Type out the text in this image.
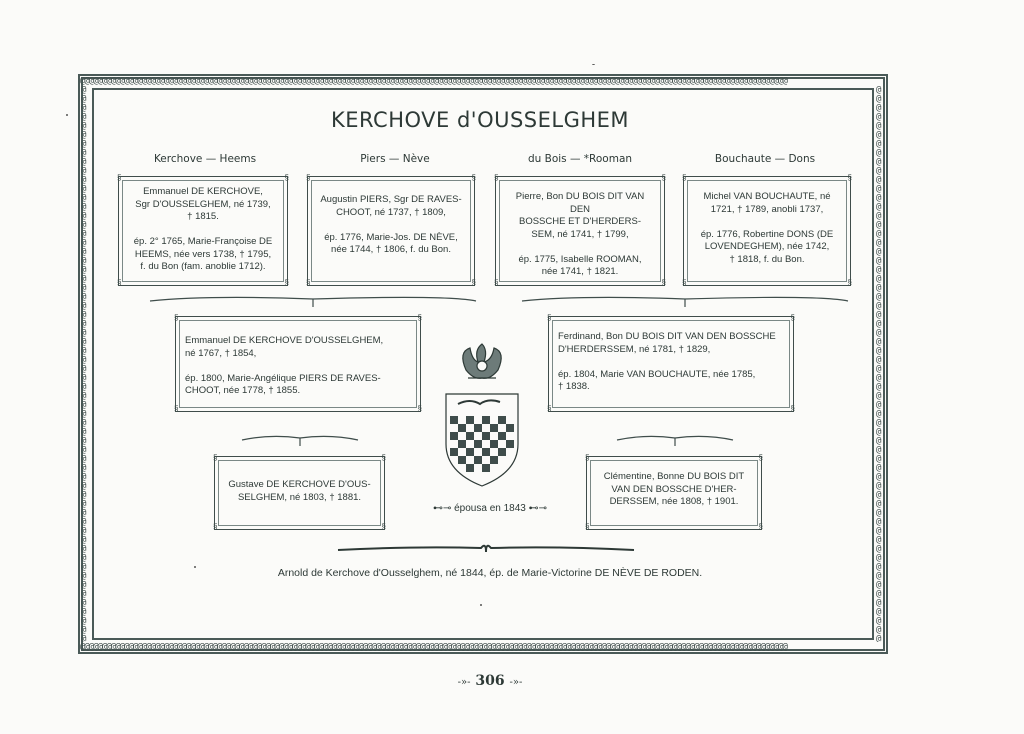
@@@@@@@@@@@@@@@@@@@@@@@@@@@@@@@@@@@@@@@@@@@@@@@@@@@@@@@@@@@@@@@@@@@@@@@@@@@@@@@@@@@@@@@@@@@@@@@@@@@@@@@@@@@@@@@@@@@@@@@@@@@@@@@@@@@@@@@@@@@@@@@@@@@@@@@@@@@@@@@@
@@@@@@@@@@@@@@@@@@@@@@@@@@@@@@@@@@@@@@@@@@@@@@@@@@@@@@@@@@@@@@@@@@@@@@@@@@@@@@@@@@@@@@@@@@@@@@@@@@@@@@@@@@@@@@@@@@@@@@@@@@@@@@@@@@@@@@@@@@@@@@@@@@@@@@@@@@@@@@@@
@@@@@@@@@@@@@@@@@@@@@@@@@@@@@@@@@@@@@@@@@@@@@@@@@@@@@@@@@@@@@@
@@@@@@@@@@@@@@@@@@@@@@@@@@@@@@@@@@@@@@@@@@@@@@@@@@@@@@@@@@@@@@
KERCHOVE d'OUSSELGHEM
Kerchove — Heems	Piers — Nève	du Bois — *Rooman	Bouchaute — Dons
§	§
§	§
Emmanuel DE KERCHOVE,
Sgr D'OUSSELGHEM, né 1739,
† 1815.

ép. 2° 1765, Marie-Françoise DE
HEEMS, née vers 1738, † 1795,
f. du Bon (fam. anoblie 1712).
§	§
§	§
Augustin PIERS, Sgr DE RAVES-
CHOOT, né 1737, † 1809,

ép. 1776, Marie-Jos. DE NÈVE,
née 1744, † 1806, f. du Bon.
§	§
§	§
Pierre, Bon DU BOIS DIT VAN DEN
BOSSCHE ET D'HERDERS-
SEM, né 1741, † 1799,

ép. 1775, Isabelle ROOMAN,
née 1741, † 1821.
§	§
§	§
Michel VAN BOUCHAUTE, né
1721, † 1789, anobli 1737,

ép. 1776, Robertine DONS (DE
LOVENDEGHEM), née 1742,
† 1818, f. du Bon.
§	§
§	§
Emmanuel DE KERCHOVE D'OUSSELGHEM,
né 1767, † 1854,

ép. 1800, Marie-Angélique PIERS DE RAVES-
CHOOT, née 1778, † 1855.
§	§
§	§
Ferdinand, Bon DU BOIS DIT VAN DEN BOSSCHE
D'HERDERSSEM, né 1781, † 1829,

ép. 1804, Marie VAN BOUCHAUTE, née 1785,
† 1838.
§	§
§	§
Gustave DE KERCHOVE D'OUS-
SELGHEM, né 1803, † 1881.
§	§
§	§
Clémentine, Bonne DU BOIS DIT
VAN DEN BOSSCHE D'HER-
DERSSEM, née 1808, † 1901.
⊷⊸ épousa en 1843 ⊷⊸
Arnold de Kerchove d'Ousselghem, né 1844, ép. de Marie-Victorine DE NÈVE DE RODEN.
-»- 306 -»-
